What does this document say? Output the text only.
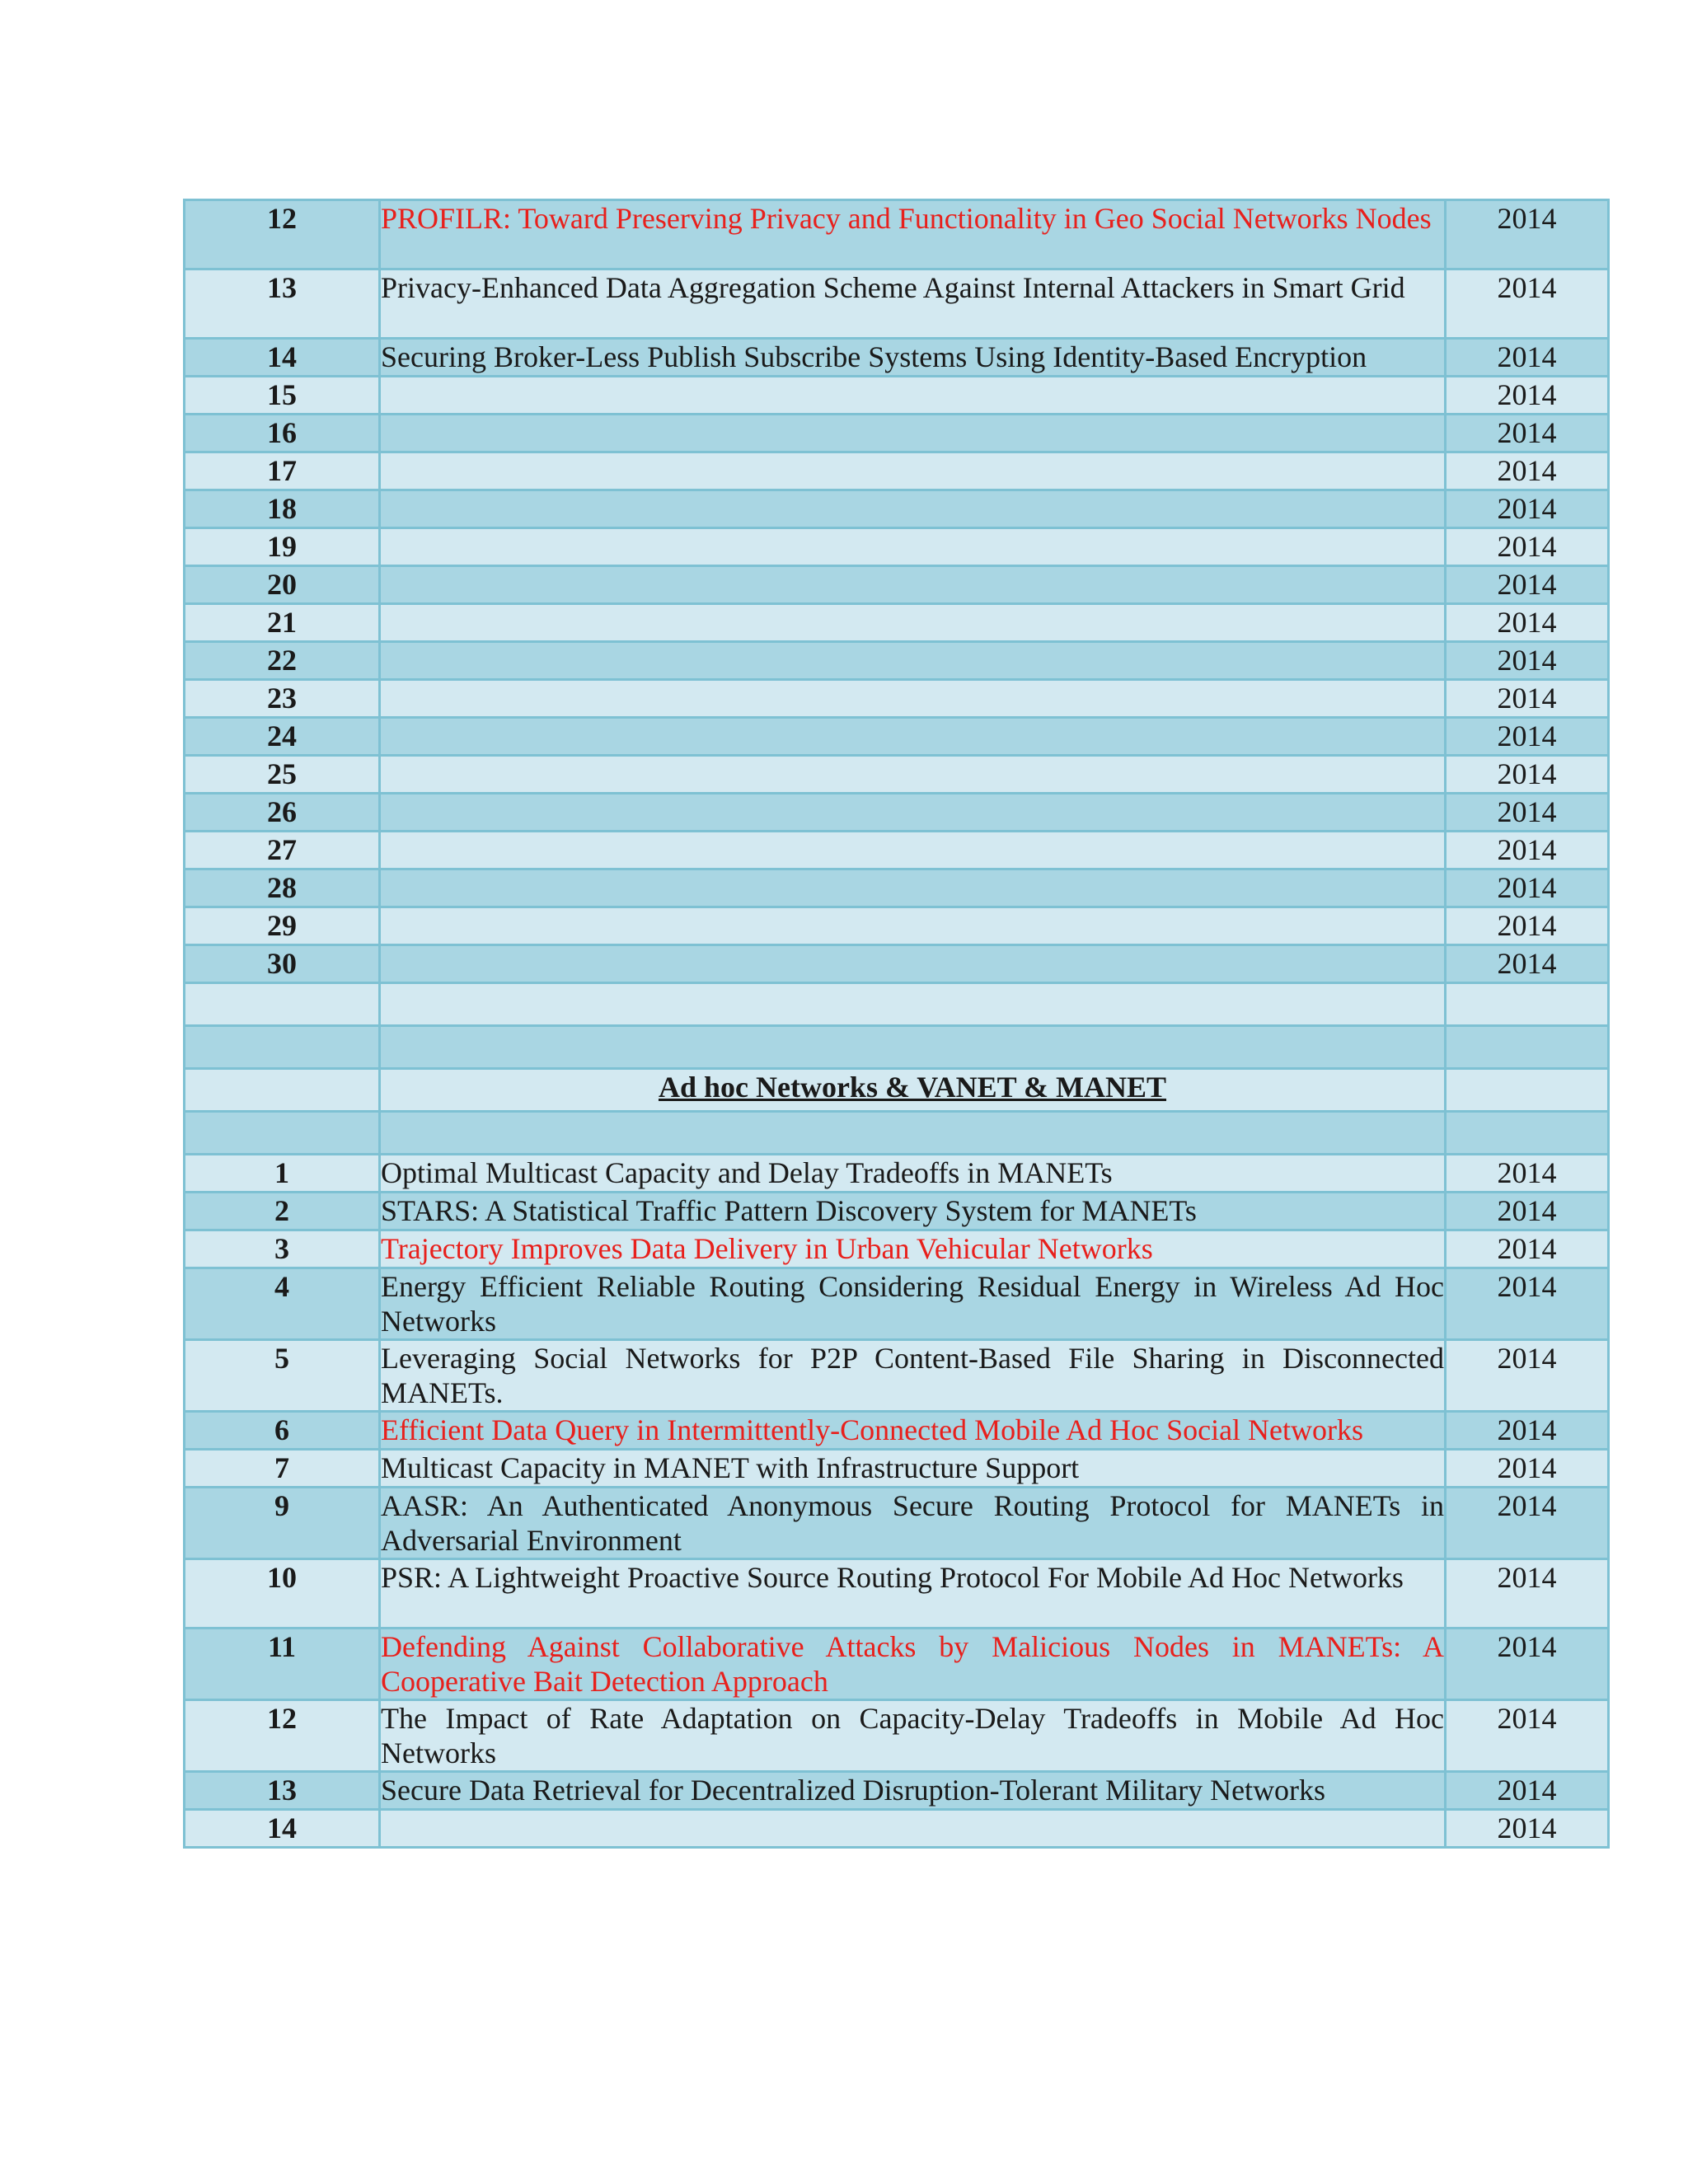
12	PROFILR: Toward Preserving Privacy and Functionality in Geo Social Networks Nodes	2014
13	Privacy-Enhanced Data Aggregation Scheme Against Internal Attackers in Smart Grid	2014
14	Securing Broker-Less Publish Subscribe Systems Using Identity-Based Encryption	2014
15		2014
16		2014
17		2014
18		2014
19		2014
20		2014
21		2014
22		2014
23		2014
24		2014
25		2014
26		2014
27		2014
28		2014
29		2014
30		2014

	Ad hoc Networks & VANET & MANET	

1	Optimal Multicast Capacity and Delay Tradeoffs in MANETs	2014
2	STARS: A Statistical Traffic Pattern Discovery System for MANETs	2014
3	Trajectory Improves Data Delivery in Urban Vehicular Networks	2014
4	Energy Efficient Reliable Routing Considering Residual Energy in Wireless Ad Hoc Networks	2014
5	Leveraging Social Networks for P2P Content-Based File Sharing in Disconnected MANETs.	2014
6	Efficient Data Query in Intermittently-Connected Mobile Ad Hoc Social Networks	2014
7	Multicast Capacity in MANET with Infrastructure Support	2014
9	AASR: An Authenticated Anonymous Secure Routing Protocol for MANETs in Adversarial Environment	2014
10	PSR: A Lightweight Proactive Source Routing Protocol For Mobile Ad Hoc Networks	2014
11	Defending Against Collaborative Attacks by Malicious Nodes in MANETs: A Cooperative Bait Detection Approach	2014
12	The Impact of Rate Adaptation on Capacity-Delay Tradeoffs in Mobile Ad Hoc Networks	2014
13	Secure Data Retrieval for Decentralized Disruption-Tolerant Military Networks	2014
14		2014
